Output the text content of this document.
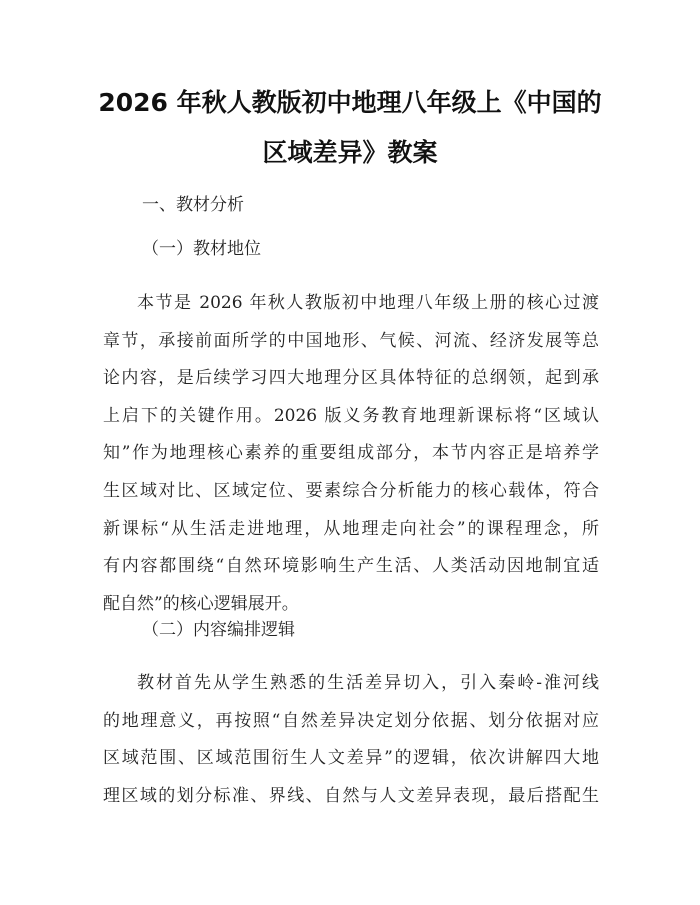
2026 年秋人教版初中地理八年级上《中国的
区域差异》教案
一、教材分析
（一）教材地位
本节是 2026 年秋人教版初中地理八年级上册的核心过渡
章节，承接前面所学的中国地形、气候、河流、经济发展等总
论内容，是后续学习四大地理分区具体特征的总纲领，起到承
上启下的关键作用。2026 版义务教育地理新课标将“区域认
知”作为地理核心素养的重要组成部分，本节内容正是培养学
生区域对比、区域定位、要素综合分析能力的核心载体，符合
新课标“从生活走进地理，从地理走向社会”的课程理念，所
有内容都围绕“自然环境影响生产生活、人类活动因地制宜适
配自然”的核心逻辑展开。
（二）内容编排逻辑
教材首先从学生熟悉的生活差异切入，引入秦岭-淮河线
的地理意义，再按照“自然差异决定划分依据、划分依据对应
区域范围、区域范围衍生人文差异”的逻辑，依次讲解四大地
理区域的划分标准、界线、自然与人文差异表现，最后搭配生
